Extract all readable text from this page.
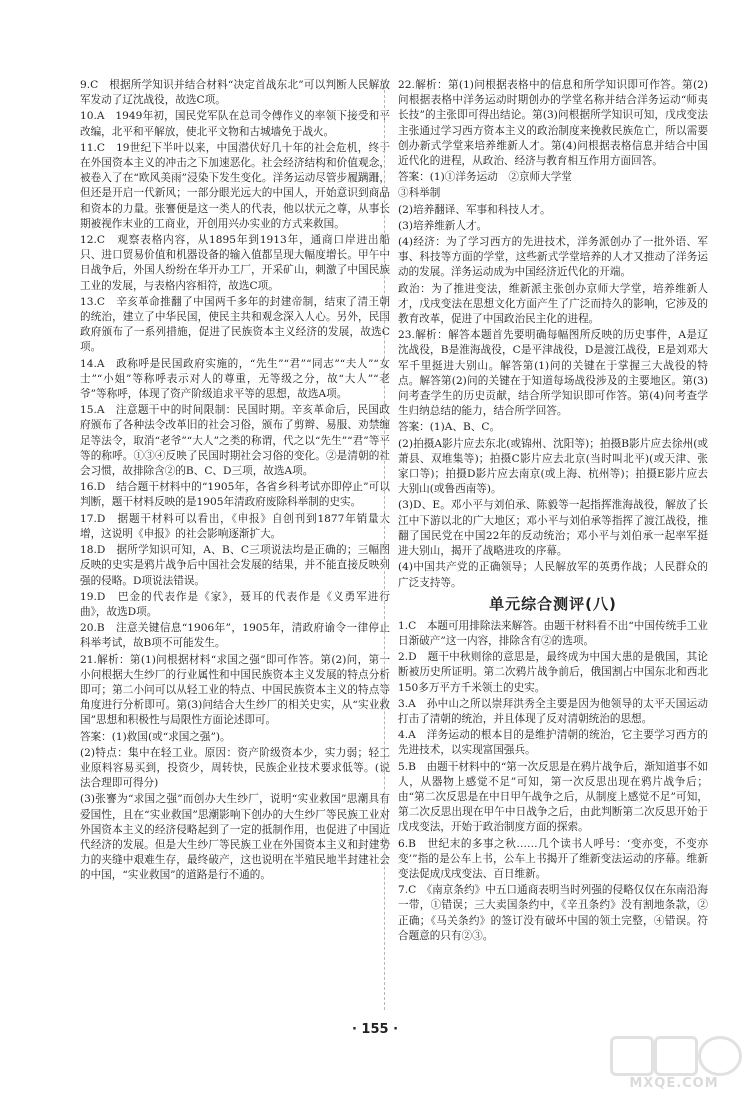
9.C　根据所学知识并结合材料“决定首战东北”可以判断人民解放军发动了辽沈战役，故选C项。

10.A　1949年初，国民党军队在总司令傅作义的率领下接受和平改编，北平和平解放，使北平文物和古城墙免于战火。

11.C　19世纪下半叶以来，中国潜伏好几十年的社会危机，终于在外国资本主义的冲击之下加速恶化。社会经济结构和价值观念，被卷入了在“欧风美雨”浸染下发生变化。洋务运动尽管步履蹒跚，但还是开启一代新风；一部分眼光远大的中国人，开始意识到商品和资本的力量。张謇便是这一类人的代表，他以状元之尊，从事长期被视作末业的工商业，开创用兴办实业的方式来救国。

12.C　观察表格内容，从1895年到1913年，通商口岸进出船只、进口贸易价值和机器设备的输入值都呈现大幅度增长。甲午中日战争后，外国人纷纷在华开办工厂，开采矿山，刺激了中国民族工业的发展，与表格内容相符，故选C项。

13.C　辛亥革命推翻了中国两千多年的封建帝制，结束了清王朝的统治，建立了中华民国，使民主共和观念深入人心。另外，民国政府颁布了一系列措施，促进了民族资本主义经济的发展，故选C项。

14.A　政称呼是民国政府实施的，“先生”“君”“同志”“夫人”“女士”“小姐”等称呼表示对人的尊重，无等级之分，故“大人”“老爷”等称呼，体现了资产阶级追求平等的思想，故选A项。

15.A　注意题干中的时间限制：民国时期。辛亥革命后，民国政府颁布了各种法令改革旧的社会习俗，颁布了剪辫、易服、劝禁缠足等法令，取消“老爷”“大人”之类的称谓，代之以“先生”“君”等平等的称呼。①③④反映了民国时期社会习俗的变化。②是清朝的社会习惯，故排除含②的B、C、D三项，故选A项。

16.D　结合题干材料中的“1905年，各省乡科考试亦即停止”可以判断，题干材料反映的是1905年清政府废除科举制的史实。

17.D　据题干材料可以看出，《申报》自创刊到1877年销量大增，这说明《申报》的社会影响逐渐扩大。

18.D　据所学知识可知，A、B、C三项说法均是正确的；三幅图反映的史实是鸦片战争后中国社会发展的结果，并不能直接反映列强的侵略。D项说法错误。

19.D　巴金的代表作是《家》，聂耳的代表作是《义勇军进行曲》，故选D项。

20.B　注意关键信息“1906年”，1905年，清政府谕令一律停止科举考试，故B项不可能发生。

21.解析：第(1)问根据材料“求国之强”即可作答。第(2)问，第一小问根据大生纱厂的行业属性和中国民族资本主义发展的特点分析即可；第二小问可以从轻工业的特点、中国民族资本主义的特点等角度进行分析即可。第(3)问结合大生纱厂的相关史实，从“实业救国”思想和积极性与局限性方面论述即可。

答案：(1)救国(或“求国之强”)。

(2)特点：集中在轻工业。原因：资产阶级资本少，实力弱；轻工业原料容易买到，投资少，周转快，民族企业技术要求低等。(说法合理即可得分)

(3)张謇为“求国之强”而创办大生纱厂，说明“实业救国”思潮具有爱国性，且在“实业救国”思潮影响下创办的大生纱厂等民族工业对外国资本主义的经济侵略起到了一定的抵制作用，也促进了中国近代经济的发展。但是大生纱厂等民族工业在外国资本主义和封建势力的夹缝中艰难生存，最终破产，这也说明在半殖民地半封建社会的中国，“实业救国”的道路是行不通的。

22.解析：第(1)问根据表格中的信息和所学知识即可作答。第(2)问根据表格中洋务运动时期创办的学堂名称并结合洋务运动“师夷长技”的主张即可得出结论。第(3)问根据所学知识可知，戊戌变法主张通过学习西方资本主义的政治制度来挽救民族危亡，所以需要创办新式学堂来培养维新人才。第(4)问根据表格信息并结合中国近代化的进程，从政治、经济与教育相互作用方面回答。

答案：(1)①洋务运动　②京师大学堂

③科举制

(2)培养翻译、军事和科技人才。

(3)培养维新人才。

(4)经济：为了学习西方的先进技术，洋务派创办了一批外语、军事、科技等方面的学堂，这些新式学堂培养的人才又推动了洋务运动的发展。洋务运动成为中国经济近代化的开端。

政治：为了推进变法，维新派主张创办京师大学堂，培养维新人才，戊戌变法在思想文化方面产生了广泛而持久的影响，它涉及的教育改革，促进了中国政治民主化的进程。

23.解析：解答本题首先要明确每幅图所反映的历史事件，A是辽沈战役，B是淮海战役，C是平津战役，D是渡江战役，E是刘邓大军千里挺进大别山。解答第(1)问的关键在于掌握三大战役的特点。解答第(2)问的关键在于知道每场战役涉及的主要地区。第(3)问考查学生的历史贡献，结合所学知识即可作答。第(4)问考查学生归纳总结的能力，结合所学回答。

答案：(1)A、B、C。

(2)拍摄A影片应去东北(或锦州、沈阳等)；拍摄B影片应去徐州(或萧县、双堆集等)；拍摄C影片应去北京(当时叫北平)(或天津、张家口等)；拍摄D影片应去南京(或上海、杭州等)；拍摄E影片应去大别山(或鲁西南等)。

(3)D、E。邓小平与刘伯承、陈毅等一起指挥淮海战役，解放了长江中下游以北的广大地区；邓小平与刘伯承等指挥了渡江战役，推翻了国民党在中国22年的反动统治；邓小平与刘伯承一起率军挺进大别山，揭开了战略进攻的序幕。

(4)中国共产党的正确领导；人民解放军的英勇作战；人民群众的广泛支持等。

单元综合测评(八)

1.C　本题可用排除法来解答。由题干材料看不出“中国传统手工业日渐破产”这一内容，排除含有②的选项。

2.D　题干中秋则徐的意思是，最终成为中国大患的是俄国，其论断被历史所证明。第二次鸦片战争前后，俄国割占中国东北和西北150多万平方千米领土的史实。

3.A　孙中山之所以崇拜洪秀全主要是因为他领导的太平天国运动打击了清朝的统治，并且体现了反对清朝统治的思想。

4.A　洋务运动的根本目的是维护清朝的统治，它主要学习西方的先进技术，以实现富国强兵。

5.B　由题干材料中的“第一次反思是在鸦片战争后，渐知道事不如人，从器物上感觉不足”可知，第一次反思出现在鸦片战争后；由“第二次反思是在中日甲午战争之后，从制度上感觉不足”可知，第二次反思出现在甲午中日战争之后，由此判断第二次反思开始于戊戌变法，开始于政治制度方面的探索。

6.B　世纪末的多事之秋……几个读书人呼号：‘变亦变，不变亦变’”指的是公车上书，公车上书揭开了维新变法运动的序幕。维新变法促成戊戌变法、百日维新。

7.C　《南京条约》中五口通商表明当时列强的侵略仅仅在东南沿海一带，①错误；三大卖国条约中，《辛丑条约》没有割地条款，②正确；《马关条约》的签订没有破坏中国的领土完整，④错误。符合题意的只有②③。

· 155 ·
MXQE.COM
